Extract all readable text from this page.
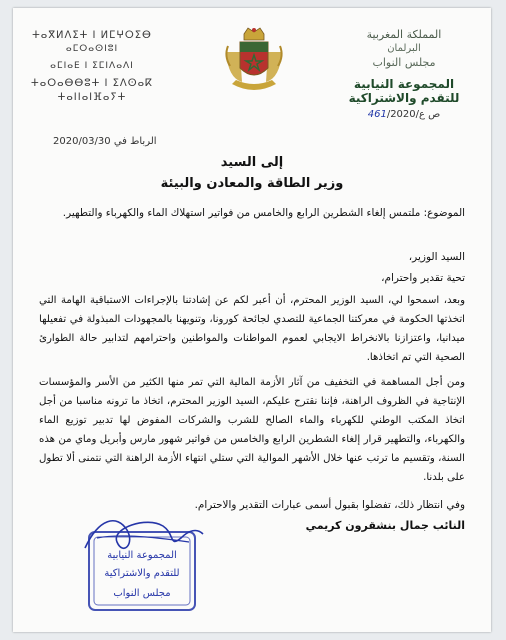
المملكة المغربية
البرلمان
مجلس النواب
المجموعة النيابية
للتقدم والاشتراكية
ص ع/461/2020
ⵜⴰⴳⵍⴷⵉⵜ ⵏ ⵍⵎⵖⵔⵉⴱ
ⴰⵎⵔⴰⵙⵏⵓⵏ
ⴰⵎⵏⴰⴹ ⵏ ⵉⵎⵏⴷⴰⴷⵏ
ⵜⴰⵔⴰⴱⴱⵓⵜ ⵏ ⵉⴷⵙⴰⴽ
ⵜⴰⵏⵏⴰⵏⴼⴰⵢⵜ
الرباط في 2020/03/30
إلى السيد
وزير الطاقة والمعادن والبيئة
الموضوع: ملتمس إلغاء الشطرين الرابع والخامس من فواتير استهلاك الماء والكهرباء والتطهير.
السيد الوزير،
تحية تقدير واحترام،
وبعد، اسمحوا لي، السيد الوزير المحترم، أن أعبر لكم عن إشادتنا بالإجراءات الاستباقية الهامة التي اتخذتها الحكومة في معركتنا الجماعية للتصدي لجائحة كورونا، وتنويهنا بالمجهودات المبذولة في تفعيلها ميدانيا، واعتزازنا بالانخراط الايجابي لعموم المواطنات والمواطنين واحترامهم لتدابير حالة الطوارئ الصحية التي تم اتخاذها.
ومن أجل المساهمة في التخفيف من آثار الأزمة المالية التي تمر منها الكثير من الأسر والمؤسسات الإنتاجية في الظروف الراهنة، فإننا نقترح عليكم، السيد الوزير المحترم، اتخاذ ما ترونه مناسبا من أجل اتخاذ المكتب الوطني للكهرباء والماء الصالح للشرب والشركات المفوض لها تدبير توزيع الماء والكهرباء، والتطهير قرار إلغاء الشطرين الرابع والخامس من فواتير شهور مارس وأبريل وماي من هذه السنة، وتقسيم ما ترتب عنها خلال الأشهر الموالية التي ستلي انتهاء الأزمة الراهنة التي نتمنى ألا تطول على بلدنا.
وفي انتظار ذلك، تفضلوا بقبول أسمى عبارات التقدير والاحترام.
النائب جمال بنشقرون كريمي
المجموعة النيابية
للتقدم والاشتراكية
مجلس النواب
